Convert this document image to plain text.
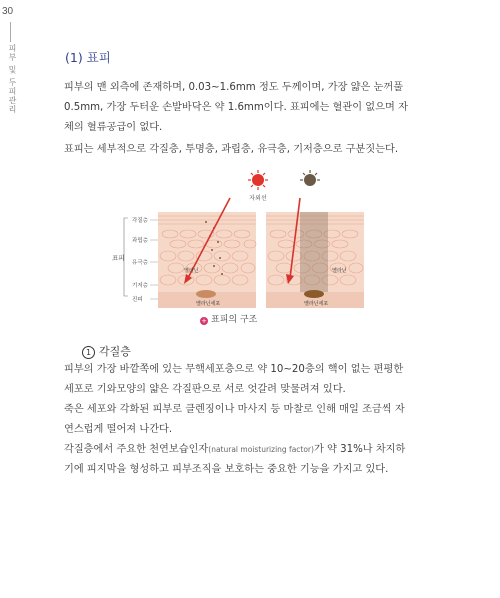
30
피부 및 두피관리	(1) 표피

피부의 맨 외측에 존재하며, 0.03~1.6mm 정도 두께이며, 가장 얇은 눈꺼풀 0.5mm, 가장 두터운 손발바닥은 약 1.6mm이다. 표피에는 혈관이 없으며 자체의 혈류공급이 없다.

표피는 세부적으로 각질층, 투명층, 과립층, 유극층, 기저층으로 구분짓는다.

자외선
표피
각질층
과립층
유극층
기저층
진피
멜라닌
멜라닌세포
멜라닌
멜라닌세포
+ 표피의 구조
1 각질층

피부의 가장 바깥쪽에 있는 무핵세포층으로 약 10~20층의 핵이 없는 편평한 세포로 기와모양의 얇은 각질판으로 서로 엇갈려 맞물려져 있다.

죽은 세포와 각화된 피부로 클렌징이나 마사지 등 마찰로 인해 매일 조금씩 자연스럽게 떨어져 나간다.

각질층에서 주요한 천연보습인자(natural moisturizing factor)가 약 31%나 차지하기에 피지막을 형성하고 피부조직을 보호하는 중요한 기능을 가지고 있다.
